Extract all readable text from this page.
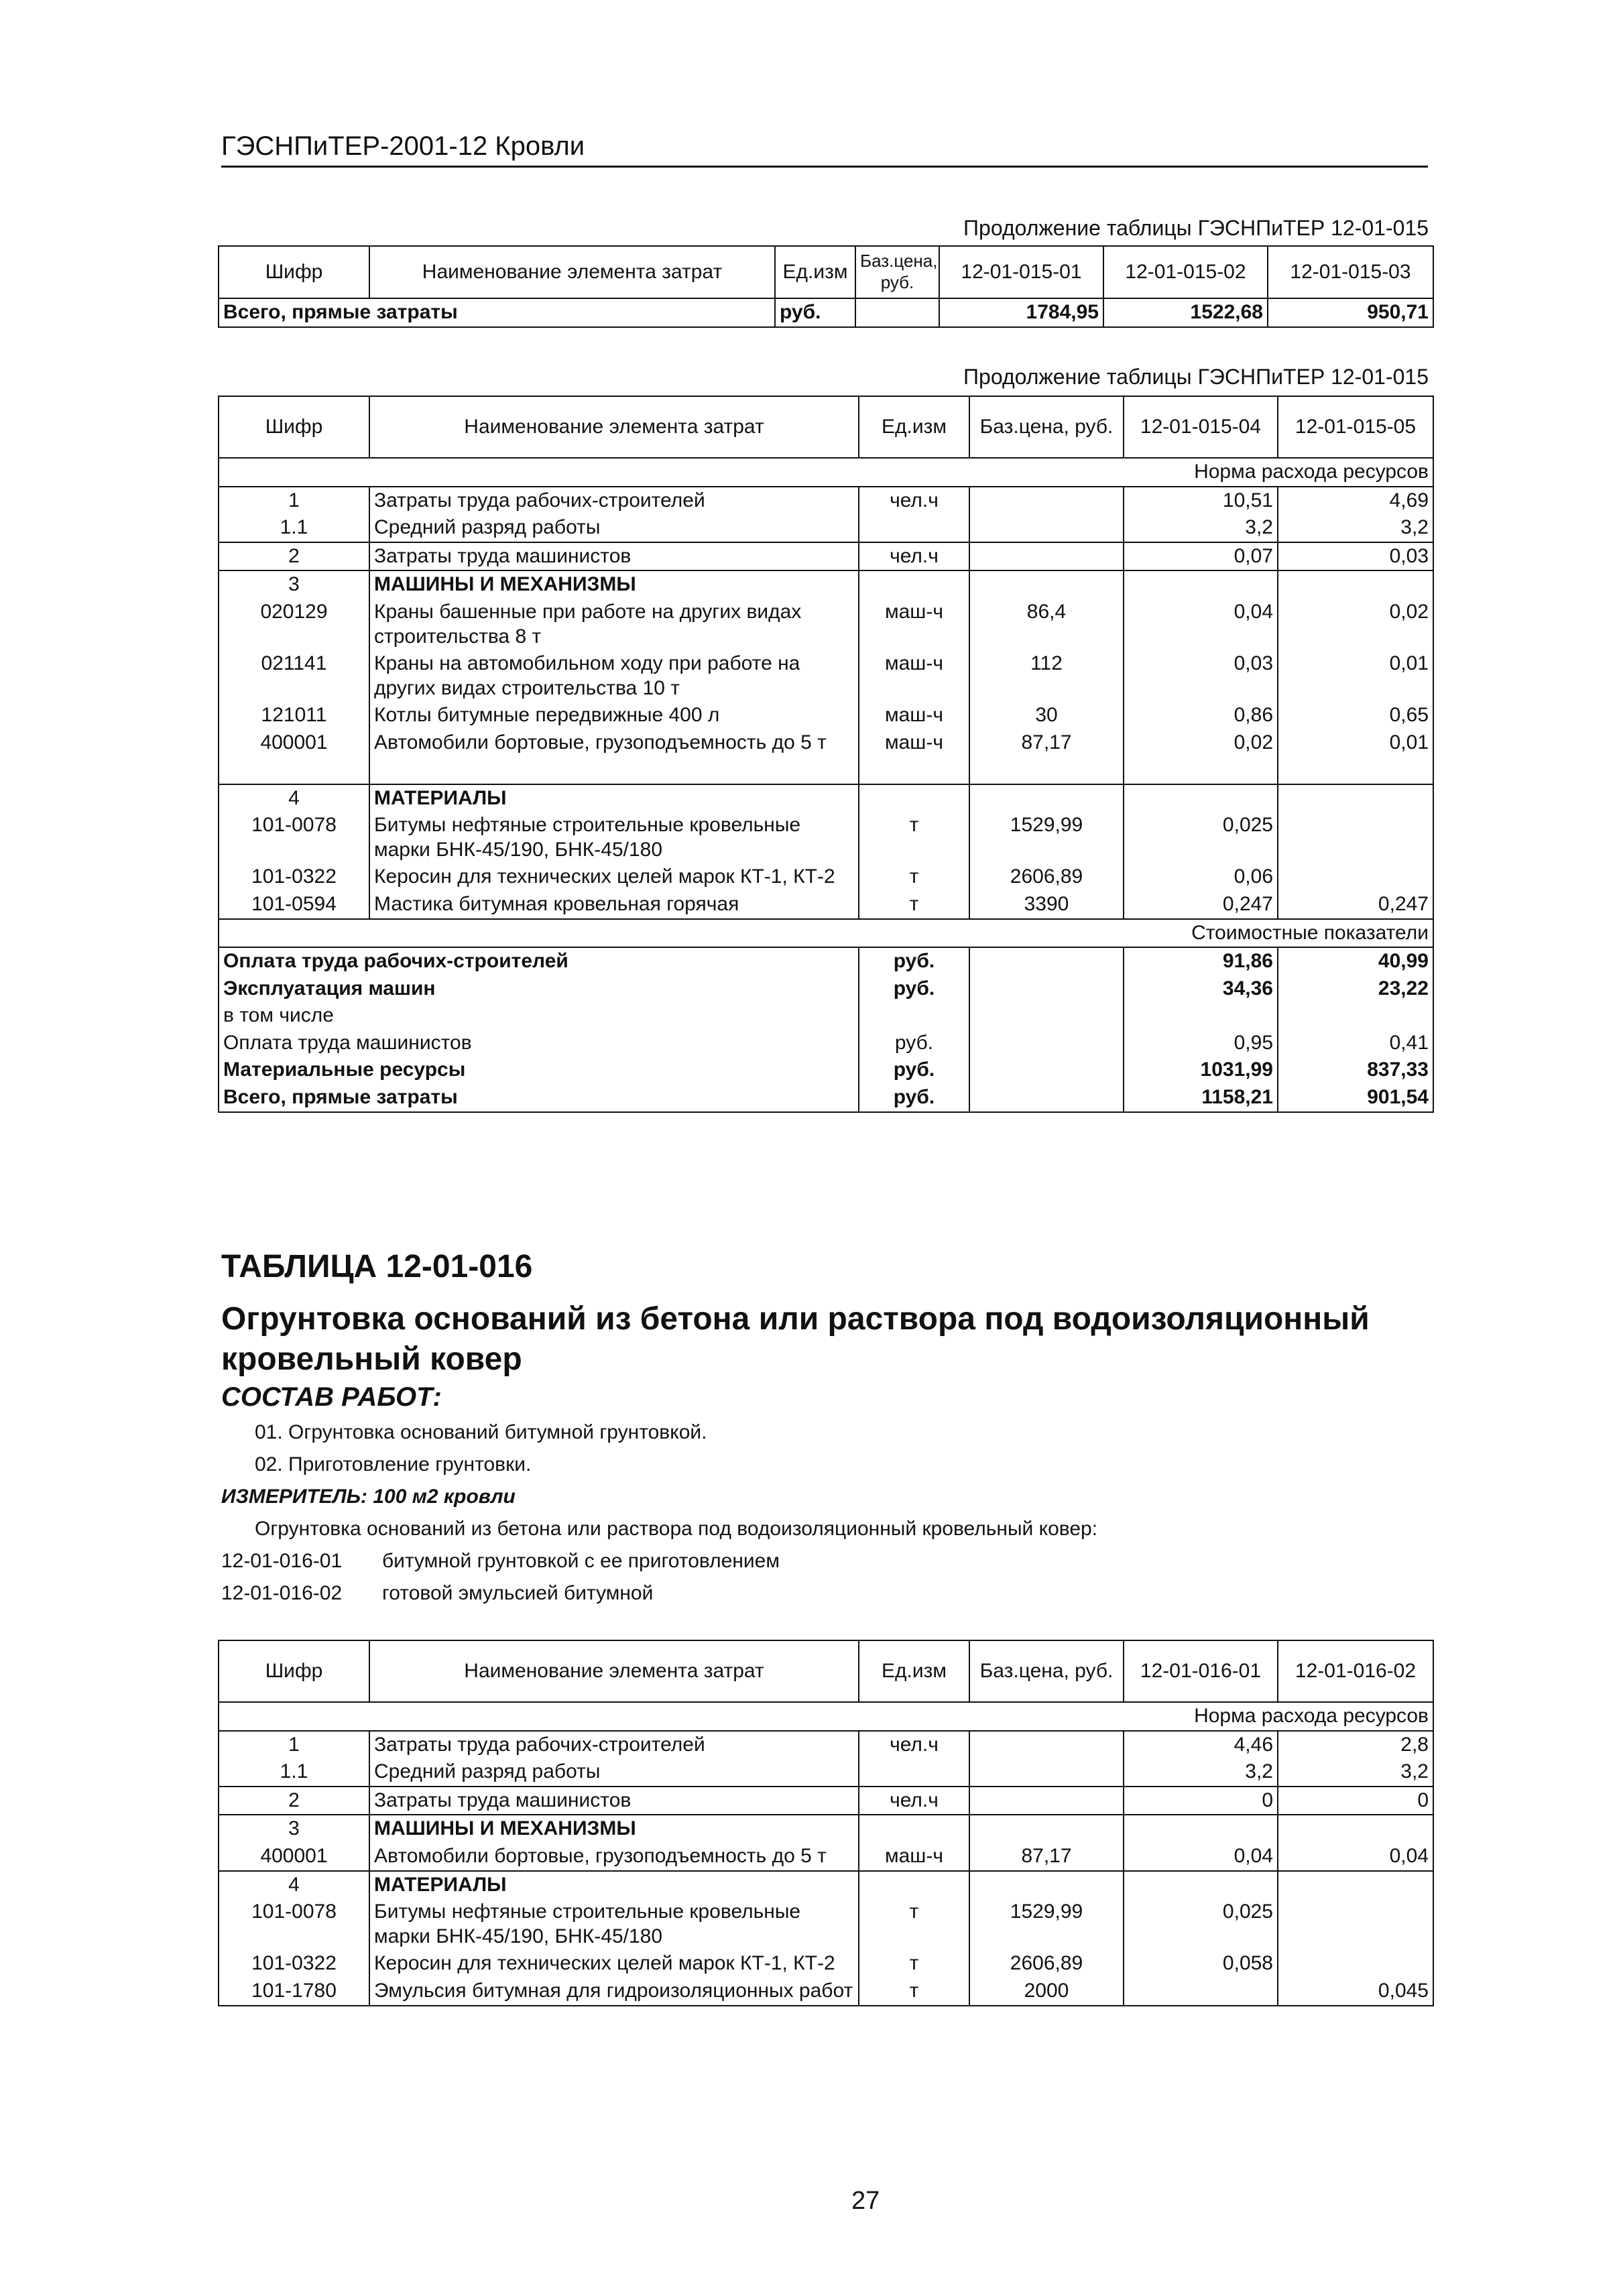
ГЭСНПиТЕР-2001-12 Кровли
Продолжение таблицы ГЭСНПиТЕР 12-01-015
Шифр	Наименование элемента затрат	Ед.изм	Баз.цена, руб.	12-01-015-01	12-01-015-02	12-01-015-03
Всего, прямые затраты		руб.		1784,95	1522,68	950,71
Продолжение таблицы ГЭСНПиТЕР 12-01-015
Шифр	Наименование элемента затрат	Ед.изм	Баз.цена, руб.	12-01-015-04	12-01-015-05
Норма расхода ресурсов					
1	Затраты труда рабочих-строителей	чел.ч		10,51	4,69
1.1	Средний разряд работы			3,2	3,2
2	Затраты труда машинистов	чел.ч		0,07	0,03
3	МАШИНЫ И МЕХАНИЗМЫ				
020129	Краны башенные при работе на других видах строительства 8 т	маш-ч	86,4	0,04	0,02
021141	Краны на автомобильном ходу при работе на других видах строительства 10 т	маш-ч	112	0,03	0,01
121011	Котлы битумные передвижные 400 л	маш-ч	30	0,86	0,65
400001	Автомобили бортовые, грузоподъемность до 5 т	маш-ч	87,17	0,02	0,01

4	МАТЕРИАЛЫ				
101-0078	Битумы нефтяные строительные кровельные марки БНК-45/190, БНК-45/180	т	1529,99	0,025	
101-0322	Керосин для технических целей марок КТ-1, КТ-2	т	2606,89	0,06	
101-0594	Мастика битумная кровельная горячая	т	3390	0,247	0,247
Стоимостные показатели					
Оплата труда рабочих-строителей		руб.		91,86	40,99
Эксплуатация машин		руб.		34,36	23,22
в том числе					
Оплата труда машинистов		руб.		0,95	0,41
Материальные ресурсы		руб.		1031,99	837,33
Всего, прямые затраты		руб.		1158,21	901,54
ТАБЛИЦА 12-01-016
Огрунтовка оснований из бетона или раствора под водоизоляционный кровельный ковер
СОСТАВ РАБОТ:
01. Огрунтовка оснований битумной грунтовкой.
02. Приготовление грунтовки.
ИЗМЕРИТЕЛЬ: 100 м2 кровли
Огрунтовка оснований из бетона или раствора под водоизоляционный кровельный ковер:
12-01-016-01 битумной грунтовкой с ее приготовлением
12-01-016-02 готовой эмульсией битумной
Шифр	Наименование элемента затрат	Ед.изм	Баз.цена, руб.	12-01-016-01	12-01-016-02
Норма расхода ресурсов					
1	Затраты труда рабочих-строителей	чел.ч		4,46	2,8
1.1	Средний разряд работы			3,2	3,2
2	Затраты труда машинистов	чел.ч		0	0
3	МАШИНЫ И МЕХАНИЗМЫ				
400001	Автомобили бортовые, грузоподъемность до 5 т	маш-ч	87,17	0,04	0,04
4	МАТЕРИАЛЫ				
101-0078	Битумы нефтяные строительные кровельные марки БНК-45/190, БНК-45/180	т	1529,99	0,025	
101-0322	Керосин для технических целей марок КТ-1, КТ-2	т	2606,89	0,058	
101-1780	Эмульсия битумная для гидроизоляционных работ	т	2000		0,045
27
